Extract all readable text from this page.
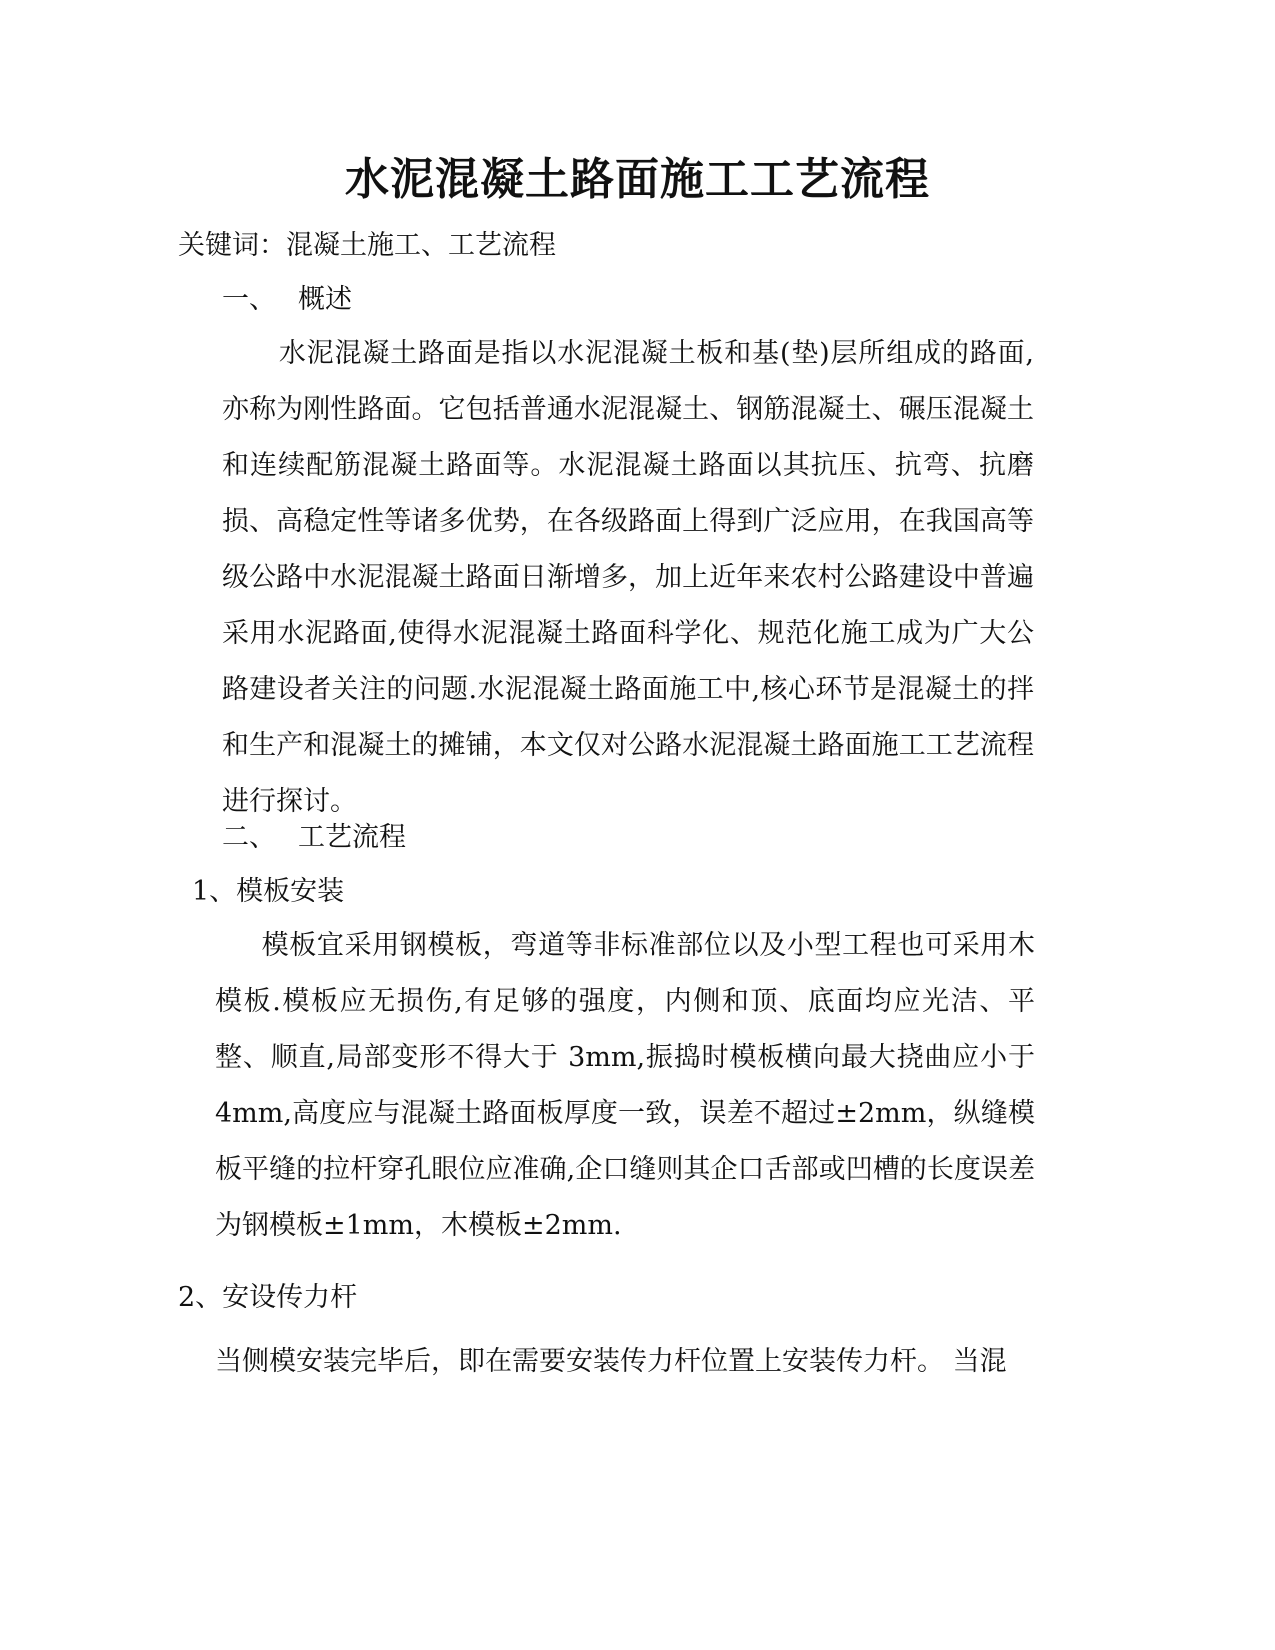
水泥混凝土路面施工工艺流程

关键词：混凝土施工、工艺流程

一、 概述

水泥混凝土路面是指以水泥混凝土板和基(垫)层所组成的路面,亦称为刚性路面。它包括普通水泥混凝土、钢筋混凝土、碾压混凝土和连续配筋混凝土路面等。水泥混凝土路面以其抗压、抗弯、抗磨损、高稳定性等诸多优势，在各级路面上得到广泛应用，在我国高等级公路中水泥混凝土路面日渐增多，加上近年来农村公路建设中普遍采用水泥路面,使得水泥混凝土路面科学化、规范化施工成为广大公路建设者关注的问题.水泥混凝土路面施工中,核心环节是混凝土的拌和生产和混凝土的摊铺，本文仅对公路水泥混凝土路面施工工艺流程进行探讨。

二、 工艺流程

1、模板安装

模板宜采用钢模板，弯道等非标准部位以及小型工程也可采用木模板.模板应无损伤,有足够的强度，内侧和顶、底面均应光洁、平整、顺直,局部变形不得大于 3mm,振捣时模板横向最大挠曲应小于 4mm,高度应与混凝土路面板厚度一致，误差不超过±2mm，纵缝模板平缝的拉杆穿孔眼位应准确,企口缝则其企口舌部或凹槽的长度误差为钢模板±1mm，木模板±2mm.

2、安设传力杆

当侧模安装完毕后，即在需要安装传力杆位置上安装传力杆。 当混
